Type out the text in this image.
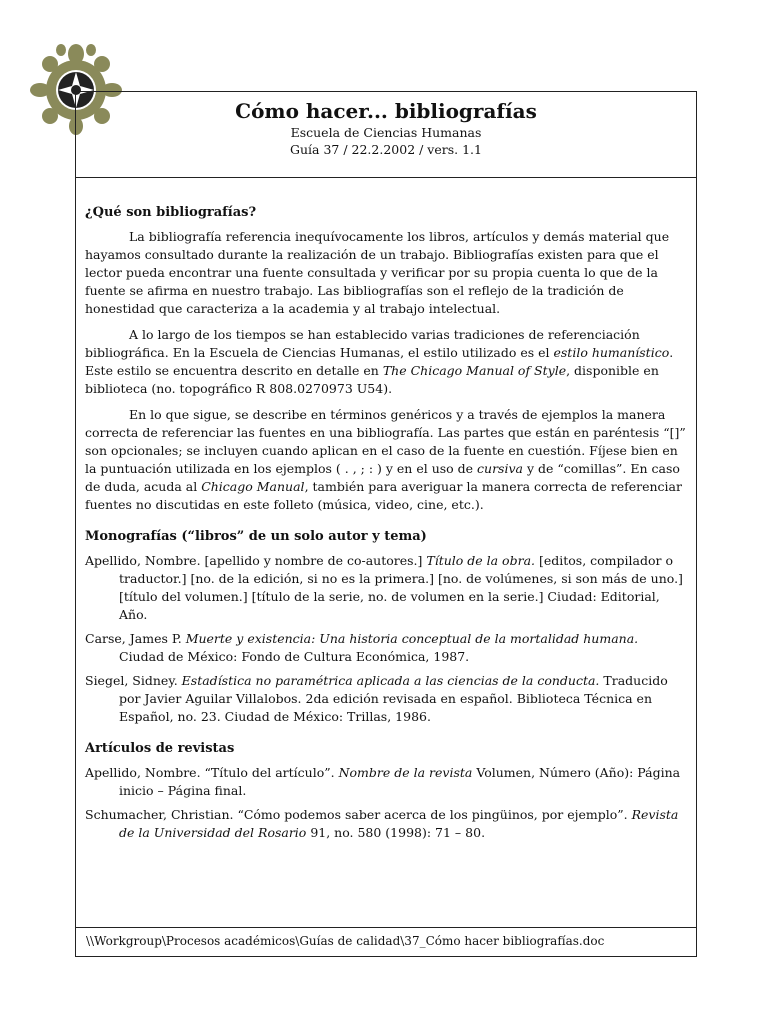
Cómo hacer... bibliografías
Escuela de Ciencias Humanas
Guía 37 / 22.2.2002 / vers. 1.1

¿Qué son bibliografías?

La bibliografía referencia inequívocamente los libros, artículos y demás material que hayamos consultado durante la realización de un trabajo. Bibliografías existen para que el lector pueda encontrar una fuente consultada y verificar por su propia cuenta lo que de la fuente se afirma en nuestro trabajo. Las bibliografías son el reflejo de la tradición de honestidad que caracteriza a la academia y al trabajo intelectual.

A lo largo de los tiempos se han establecido varias tradiciones de referenciación bibliográfica. En la Escuela de Ciencias Humanas, el estilo utilizado es el estilo humanístico. Este estilo se encuentra descrito en detalle en The Chicago Manual of Style, disponible en biblioteca (no. topográfico R 808.0270973 U54).

En lo que sigue, se describe en términos genéricos y a través de ejemplos la manera correcta de referenciar las fuentes en una bibliografía. Las partes que están en paréntesis “[]” son opcionales; se incluyen cuando aplican en el caso de la fuente en cuestión. Fíjese bien en la puntuación utilizada en los ejemplos ( . , ; : ) y en el uso de cursiva y de “comillas”. En caso de duda, acuda al Chicago Manual, también para averiguar la manera correcta de referenciar fuentes no discutidas en este folleto (música, video, cine, etc.).

Monografías (“libros” de un solo autor y tema)

Apellido, Nombre. [apellido y nombre de co-autores.] Título de la obra. [editos, compilador o traductor.] [no. de la edición, si no es la primera.] [no. de volúmenes, si son más de uno.] [título del volumen.] [título de la serie, no. de volumen en la serie.] Ciudad: Editorial, Año.

Carse, James P. Muerte y existencia: Una historia conceptual de la mortalidad humana. Ciudad de México: Fondo de Cultura Económica, 1987.

Siegel, Sidney. Estadística no paramétrica aplicada a las ciencias de la conducta. Traducido por Javier Aguilar Villalobos. 2da edición revisada en español. Biblioteca Técnica en Español, no. 23. Ciudad de México: Trillas, 1986.

Artículos de revistas

Apellido, Nombre. “Título del artículo”. Nombre de la revista Volumen, Número (Año): Página inicio – Página final.

Schumacher, Christian. “Cómo podemos saber acerca de los pingüinos, por ejemplo”. Revista de la Universidad del Rosario 91, no. 580 (1998): 71 – 80.

\\Workgroup\Procesos académicos\Guías de calidad\37_Cómo hacer bibliografías.doc
